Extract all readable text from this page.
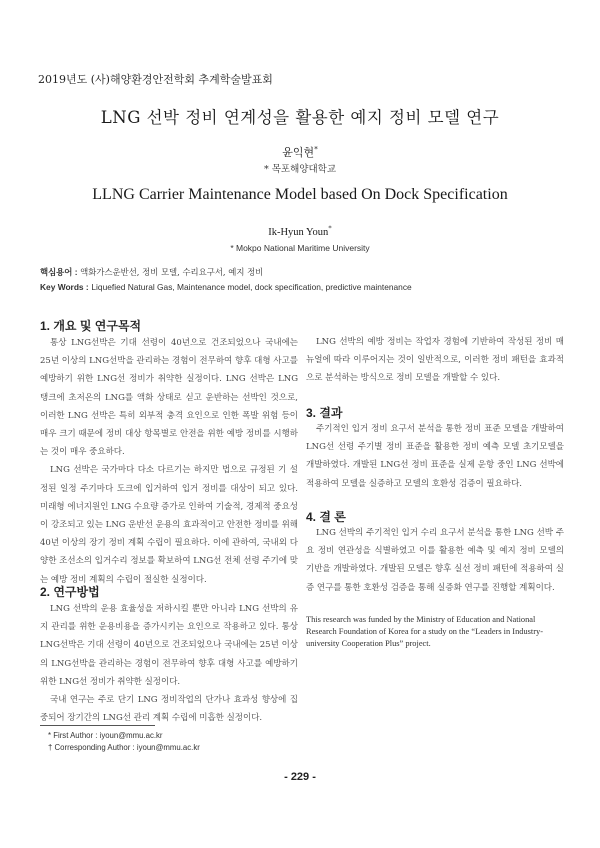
2019년도 (사)해양환경안전학회 추계학술발표회
LNG 선박 정비 연계성을 활용한 예지 정비 모델 연구
윤익현*
* 목포해양대학교
LLNG Carrier Maintenance Model based On Dock Specification
Ik-Hyun Youn*
* Mokpo National Maritime University
핵심용어 : 액화가스운반선, 정비 모델, 수리요구서, 예지 정비
Key Words : Liquefied Natural Gas, Maintenance model, dock specification, predictive maintenance
1. 개요 및 연구목적

통상 LNG선박은 기대 선령이 40년으로 건조되었으나 국내에는 25년 이상의 LNG선박을 관리하는 경험이 전무하여 향후 대형 사고를 예방하기 위한 LNG선 정비가 취약한 실정이다. LNG 선박은 LNG 탱크에 초저온의 LNG를 액화 상태로 싣고 운반하는 선박인 것으로, 이러한 LNG 선박은 특히 외부적 충격 요인으로 인한 폭발 위험 등이 매우 크기 때문에 정비 대상 항목별로 안전을 위한 예방 정비를 시행하는 것이 매우 중요하다.

LNG 선박은 국가마다 다소 다르기는 하지만 법으로 규정된 기 설정된 일정 주기마다 도크에 입거하여 입거 정비를 대상이 되고 있다. 미래형 에너지원인 LNG 수요량 증가로 인하여 기술적, 경제적 중요성이 강조되고 있는 LNG 운반선 운용의 효과적이고 안전한 정비를 위해 40년 이상의 장기 정비 계획 수립이 필요하다. 이에 관하여, 국내외 다양한 조선소의 입거수리 정보를 확보하여 LNG선 전체 선령 주기에 맞는 예방 정비 계획의 수립이 절실한 실정이다.

2. 연구방법

LNG 선박의 운용 효율성을 저하시킬 뿐만 아니라 LNG 선박의 유지 관리를 위한 운용비용을 증가시키는 요인으로 작용하고 있다. 통상 LNG선박은 기대 선령이 40년으로 건조되었으나 국내에는 25년 이상의 LNG선박을 관리하는 경험이 전무하여 향후 대형 사고를 예방하기 위한 LNG선 정비가 취약한 실정이다.

국내 연구는 주로 단기 LNG 정비작업의 단가나 효과성 향상에 집중되어 장기간의 LNG선 관리 계획 수립에 미흡한 실정이다.

LNG 선박의 예방 정비는 작업자 경험에 기반하여 작성된 정비 매뉴얼에 따라 이루어지는 것이 일반적으로, 이러한 정비 패턴을 효과적으로 분석하는 방식으로 정비 모델을 개발할 수 있다.

3. 결과

주기적인 입거 정비 요구서 분석을 통한 정비 표준 모델을 개발하여 LNG선 선령 주기별 정비 표준을 활용한 정비 예측 모델 초기모델을 개발하였다. 개발된 LNG선 정비 표준을 실제 운항 중인 LNG 선박에 적용하여 모델을 실증하고 모델의 호환성 검증이 필요하다.

4. 결 론

LNG 선박의 주기적인 입거 수리 요구서 분석을 통한 LNG 선박 주요 정비 연관성을 식별하였고 이를 활용한 예측 및 예지 정비 모델의 기반을 개발하였다. 개발된 모델은 향후 실선 정비 패턴에 적용하여 실증 연구를 통한 호환성 검증을 통해 실증화 연구를 진행할 계획이다.

This research was funded by the Ministry of Education and National Research Foundation of Korea for a study on the “Leaders in Industry-university Cooperation Plus” project.
* First Author : iyoun@mmu.ac.kr
† Corresponding Author : iyoun@mmu.ac.kr
- 229 -
